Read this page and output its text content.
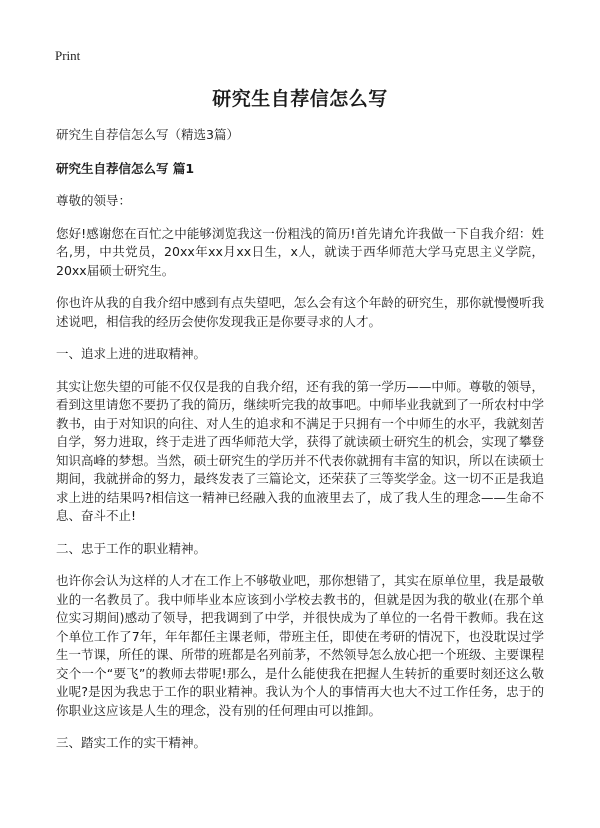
Print
研究生自荐信怎么写
研究生自荐信怎么写（精选3篇）
研究生自荐信怎么写 篇1
尊敬的领导：
您好!感谢您在百忙之中能够浏览我这一份粗浅的简历!首先请允许我做一下自我介绍：姓名,男，中共党员，20xx年xx月xx日生，x人，就读于西华师范大学马克思主义学院，20xx届硕士研究生。
你也许从我的自我介绍中感到有点失望吧，怎么会有这个年龄的研究生，那你就慢慢听我述说吧，相信我的经历会使你发现我正是你要寻求的人才。
一、追求上进的进取精神。
其实让您失望的可能不仅仅是我的自我介绍，还有我的第一学历——中师。尊敬的领导，看到这里请您不要扔了我的简历，继续听完我的故事吧。中师毕业我就到了一所农村中学教书，由于对知识的向往、对人生的追求和不满足于只拥有一个中师生的水平，我就刻苦自学，努力进取，终于走进了西华师范大学，获得了就读硕士研究生的机会，实现了攀登知识高峰的梦想。当然，硕士研究生的学历并不代表你就拥有丰富的知识，所以在读硕士期间，我就拼命的努力，最终发表了三篇论文，还荣获了三等奖学金。这一切不正是我追求上进的结果吗?相信这一精神已经融入我的血液里去了，成了我人生的理念——生命不息、奋斗不止!
二、忠于工作的职业精神。
也许你会认为这样的人才在工作上不够敬业吧，那你想错了，其实在原单位里，我是最敬业的一名教员了。我中师毕业本应该到小学校去教书的，但就是因为我的敬业(在那个单位实习期间)感动了领导，把我调到了中学，并很快成为了单位的一名骨干教师。我在这个单位工作了7年，年年都任主课老师，带班主任，即使在考研的情况下，也没耽误过学生一节课，所任的课、所带的班都是名列前茅，不然领导怎么放心把一个班级、主要课程交个一个“要飞”的教师去带呢!那么，是什么能使我在把握人生转折的重要时刻还这么敬业呢?是因为我忠于工作的职业精神。我认为个人的事情再大也大不过工作任务，忠于的你职业这应该是人生的理念，没有别的任何理由可以推卸。
三、踏实工作的实干精神。
